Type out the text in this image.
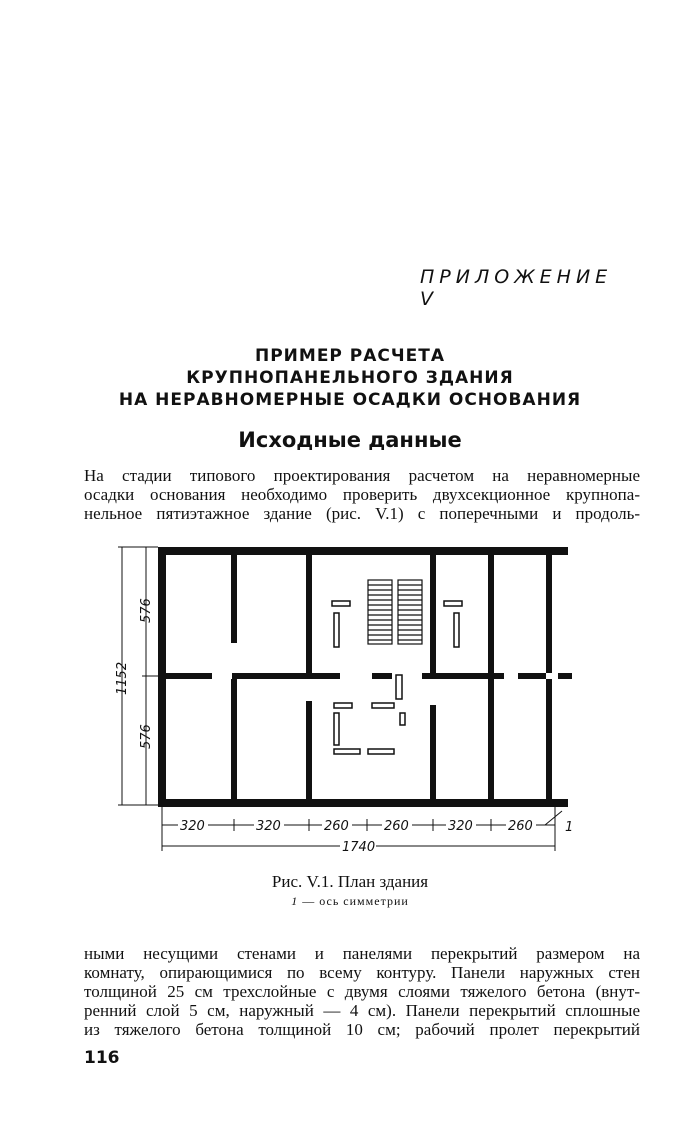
ПРИЛОЖЕНИЕ V
ПРИМЕР РАСЧЕТА
КРУПНОПАНЕЛЬНОГО ЗДАНИЯ
НА НЕРАВНОМЕРНЫЕ ОСАДКИ ОСНОВАНИЯ
Исходные данные
На стадии типового проектирования расчетом на неравномерные
осадки основания необходимо проверить двухсекционное крупнопа-
нельное пятиэтажное здание (рис. V.1) с поперечными и продоль-
1152
576
576
320	320	260	260	320	260 1
1740
Рис. V.1. План здания
1 — ось симметрии
ными несущими стенами и панелями перекрытий размером на
комнату, опирающимися по всему контуру. Панели наружных стен
толщиной 25 см трехслойные с двумя слоями тяжелого бетона (внут-
ренний слой 5 см, наружный — 4 см). Панели перекрытий сплошные
из тяжелого бетона толщиной 10 см; рабочий пролет перекрытий
116
